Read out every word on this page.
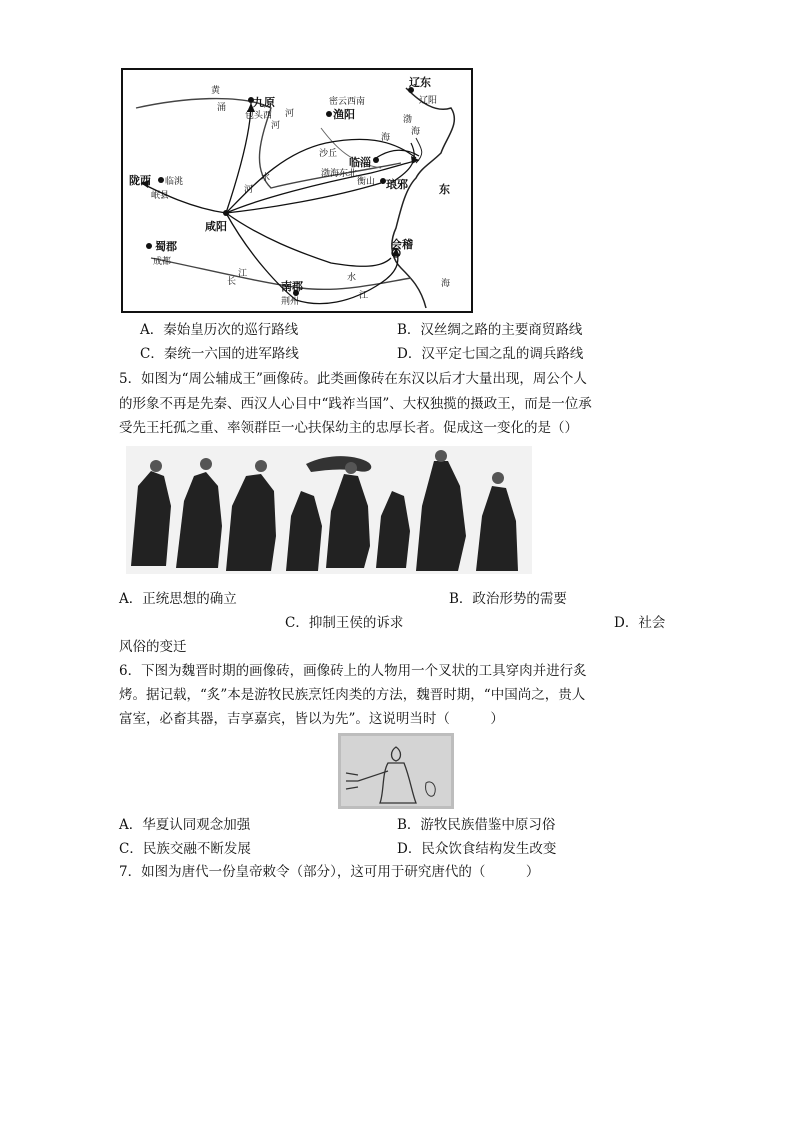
辽东
辽阳
九原
包头西
密云西南
渔阳
陇西 临洮
岷县
咸阳
沙丘
临淄
渤海东北
琅邪
衡山
会稽
蜀郡
成都
南郡
荆州
河
河
水
江
江
长	水
海
海
东
渤
海
黄
河
涌
A．秦始皇历次的巡行路线	B．汉丝绸之路的主要商贸路线
C．秦统一六国的进军路线	D．汉平定七国之乱的调兵路线
5．如图为“周公辅成王”画像砖。此类画像砖在东汉以后才大量出现，周公个人
的形象不再是先秦、西汉人心目中“践祚当国”、大权独揽的摄政王，而是一位承
受先王托孤之重、率领群臣一心扶保幼主的忠厚长者。促成这一变化的是（）
A．正统思想的确立	B．政治形势的需要
C．抑制王侯的诉求	D．社会
风俗的变迁
6．下图为魏晋时期的画像砖，画像砖上的人物用一个叉状的工具穿肉并进行炙
烤。据记载，“炙”本是游牧民族烹饪肉类的方法，魏晋时期，“中国尚之，贵人
富室，必畜其器，吉享嘉宾，皆以为先”。这说明当时（　　　）
A．华夏认同观念加强	B．游牧民族借鉴中原习俗
C．民族交融不断发展	D．民众饮食结构发生改变
7．如图为唐代一份皇帝敕令（部分），这可用于研究唐代的（　　　）
